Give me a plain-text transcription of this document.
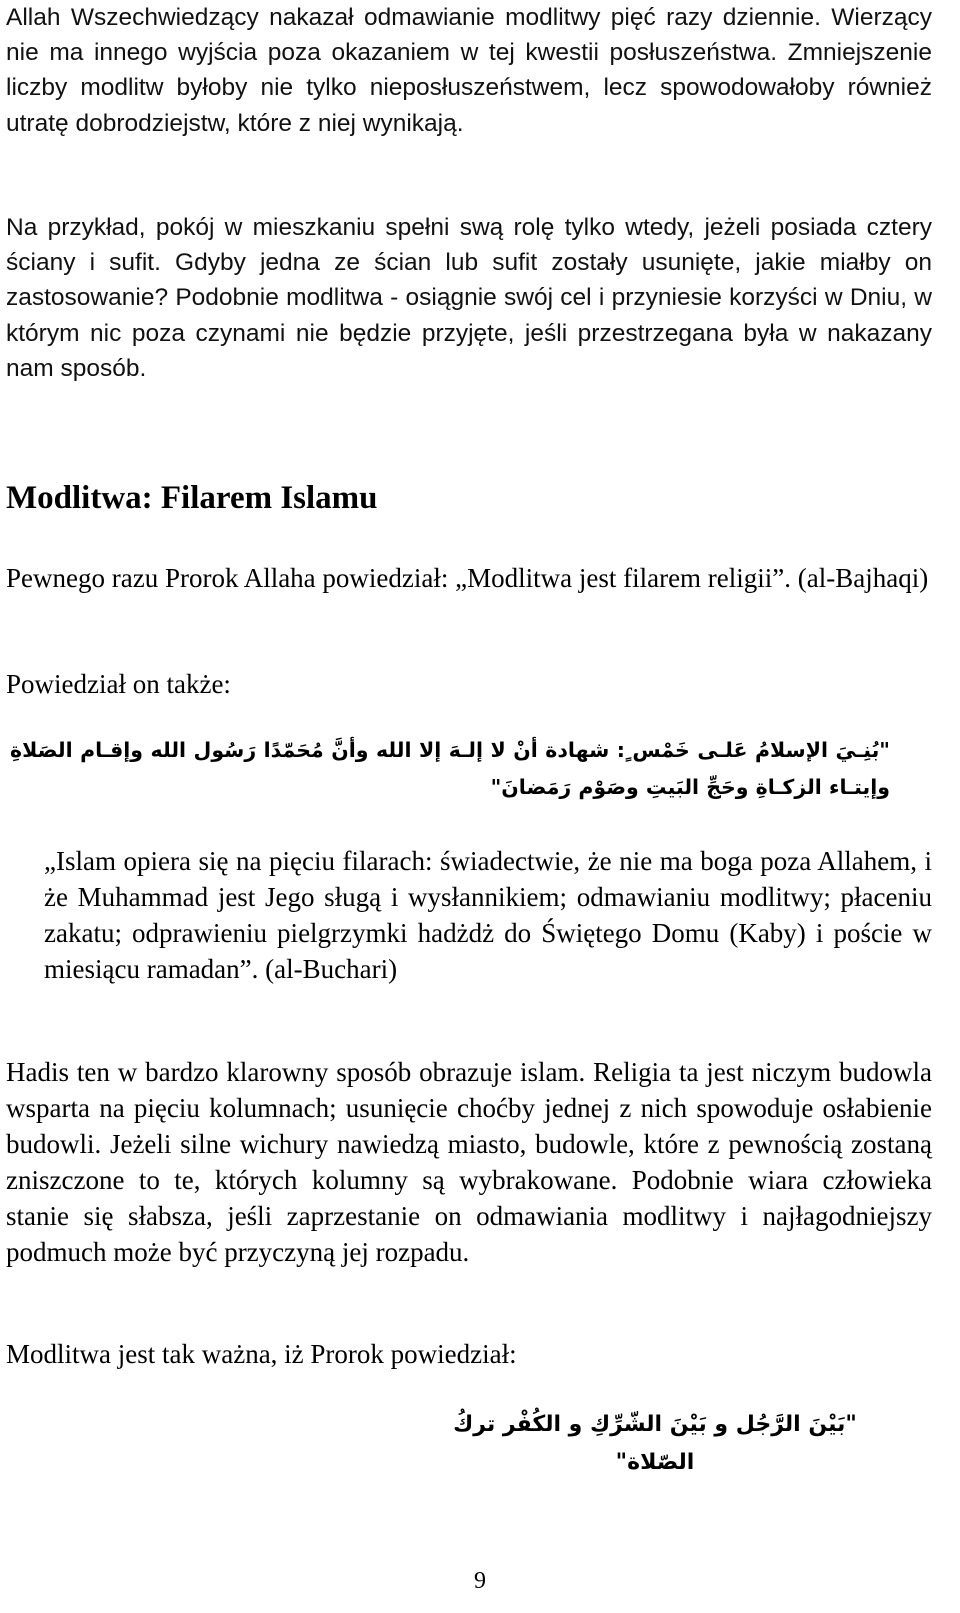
Allah Wszechwiedzący nakazał odmawianie modlitwy pięć razy dziennie. Wierzący nie ma innego wyjścia poza okazaniem w tej kwestii posłuszeństwa. Zmniejszenie liczby modlitw byłoby nie tylko nieposłuszeństwem, lecz spowodowałoby również utratę dobrodziejstw, które z niej wynikają.

Na przykład, pokój w mieszkaniu spełni swą rolę tylko wtedy, jeżeli posiada cztery ściany i sufit. Gdyby jedna ze ścian lub sufit zostały usunięte, jakie miałby on zastosowanie? Podobnie modlitwa - osiągnie swój cel i przyniesie korzyści w Dniu, w którym nic poza czynami nie będzie przyjęte, jeśli przestrzegana była w nakazany nam sposób.

Modlitwa: Filarem Islamu

Pewnego razu Prorok Allaha powiedział: „Modlitwa jest filarem religii”. (al-Bajhaqi)

Powiedział on także:

"بُنِـيَ الإسلامُ عَلـى خَمْس ٍ: شهادة أنْ لا إلـهَ إلا الله وأنَّ مُحَمّدًا رَسُول الله وإقـام الصَلاةِ وإيتـاء الزكـاةِ وحَجِّ البَيتِ وصَوْم رَمَضانَ"

„Islam opiera się na pięciu filarach: świadectwie, że nie ma boga poza Allahem, i że Muhammad jest Jego sługą i wysłannikiem; odmawianiu modlitwy; płaceniu zakatu; odprawieniu pielgrzymki hadżdż do Świętego Domu (Kaby) i poście w miesiącu ramadan”. (al-Buchari)

Hadis ten w bardzo klarowny sposób obrazuje islam. Religia ta jest niczym budowla wsparta na pięciu kolumnach; usunięcie choćby jednej z nich spowoduje osłabienie budowli. Jeżeli silne wichury nawiedzą miasto, budowle, które z pewnością zostaną zniszczone to te, których kolumny są wybrakowane. Podobnie wiara człowieka stanie się słabsza, jeśli zaprzestanie on odmawiania modlitwy i najłagodniejszy podmuch może być przyczyną jej rozpadu.

Modlitwa jest tak ważna, iż Prorok powiedział:

"بَيْنَ الرَّجُل و بَيْنَ الشّرِّكِ و الكُفْر تركُ الصّلاة"

9
